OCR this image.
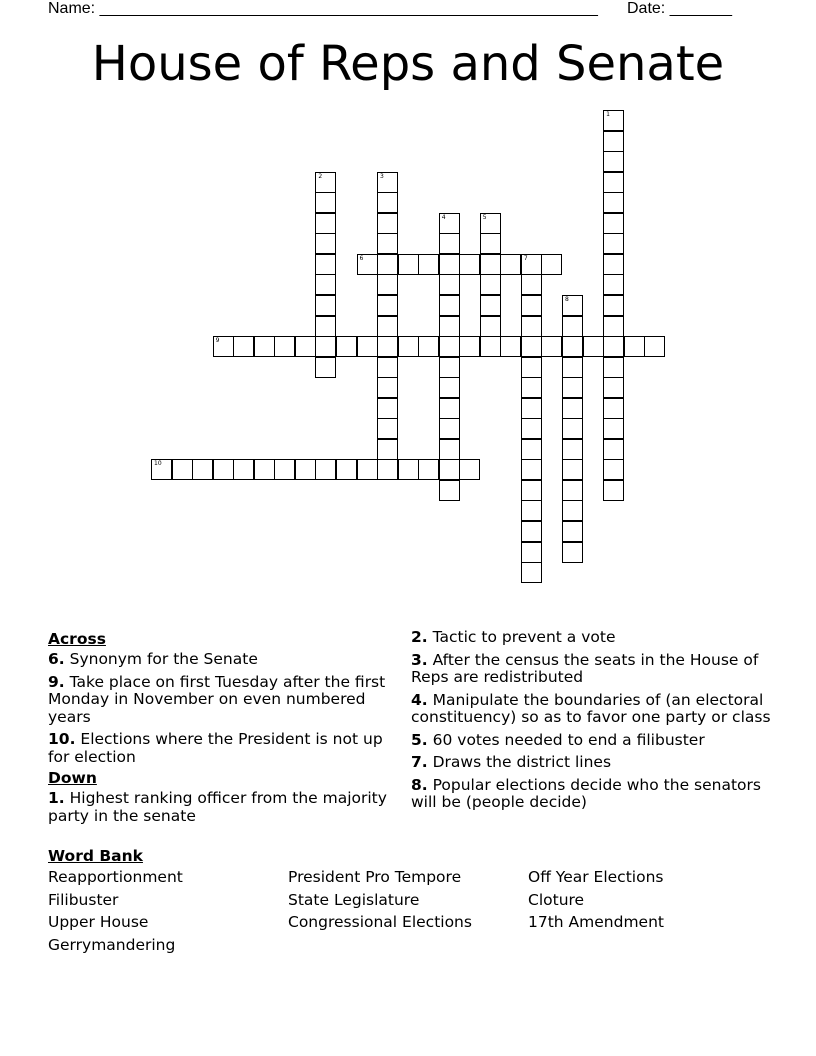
Name: ________________________________________________________ Date: _______
House of Reps and Senate
1
2	3
4	5
6	7
8
9
10
Across
6. Synonym for the Senate
9. Take place on first Tuesday after the first Monday in November on even numbered years
10. Elections where the President is not up for election
Down
1. Highest ranking officer from the majority party in the senate
2. Tactic to prevent a vote
3. After the census the seats in the House of Reps are redistributed
4. Manipulate the boundaries of (an electoral constituency) so as to favor one party or class
5. 60 votes needed to end a filibuster
7. Draws the district lines
8. Popular elections decide who the senators will be (people decide)
Word Bank
Reapportionment	President Pro Tempore	Off Year Elections
Filibuster	State Legislature	Cloture
Upper House	Congressional Elections	17th Amendment
Gerrymandering
